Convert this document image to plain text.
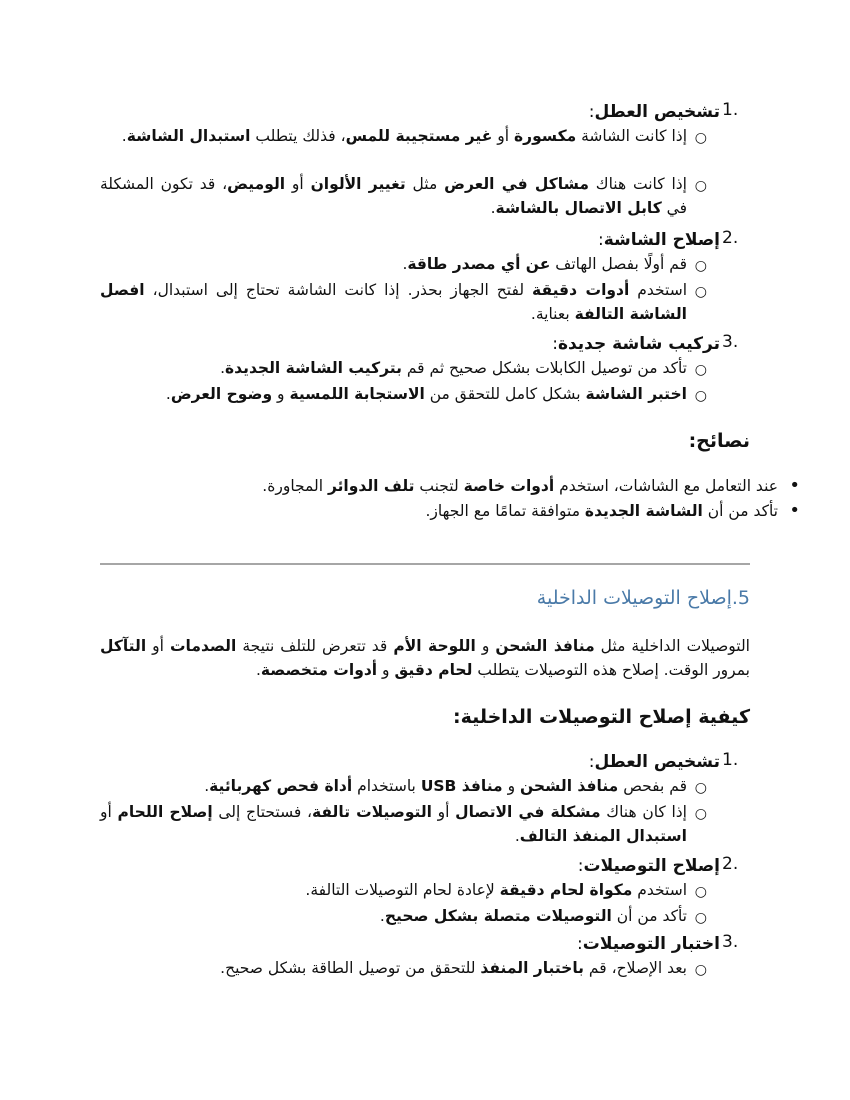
1.
تشخيص العطل:
○
إذا كانت الشاشة مكسورة أو غير مستجيبة للمس، فذلك يتطلب استبدال الشاشة.
○
إذا كانت هناك مشاكل في العرض مثل تغيير الألوان أو الوميض، قد تكون المشكلة في كابل الاتصال بالشاشة.
2.
إصلاح الشاشة:
○
قم أولًا بفصل الهاتف عن أي مصدر طاقة.
○
استخدم أدوات دقيقة لفتح الجهاز بحذر. إذا كانت الشاشة تحتاج إلى استبدال، افصل الشاشة التالفة بعناية.
3.
تركيب شاشة جديدة:
○
تأكد من توصيل الكابلات بشكل صحيح ثم قم بتركيب الشاشة الجديدة.
○
اختبر الشاشة بشكل كامل للتحقق من الاستجابة اللمسية و وضوح العرض.
نصائح:
•
عند التعامل مع الشاشات، استخدم أدوات خاصة لتجنب تلف الدوائر المجاورة.
•
تأكد من أن الشاشة الجديدة متوافقة تمامًا مع الجهاز.
5.إصلاح التوصيلات الداخلية
التوصيلات الداخلية مثل منافذ الشحن و اللوحة الأم قد تتعرض للتلف نتيجة الصدمات أو التآكل بمرور الوقت. إصلاح هذه التوصيلات يتطلب لحام دقيق و أدوات متخصصة.
كيفية إصلاح التوصيلات الداخلية:
1.
تشخيص العطل:
○
قم بفحص منافذ الشحن و منافذ USB باستخدام أداة فحص كهربائية.
○
إذا كان هناك مشكلة في الاتصال أو التوصيلات تالفة، فستحتاج إلى إصلاح اللحام أو استبدال المنفذ التالف.
2.
إصلاح التوصيلات:
○
استخدم مكواة لحام دقيقة لإعادة لحام التوصيلات التالفة.
○
تأكد من أن التوصيلات متصلة بشكل صحيح.
3.
اختبار التوصيلات:
○
بعد الإصلاح، قم باختبار المنفذ للتحقق من توصيل الطاقة بشكل صحيح.
